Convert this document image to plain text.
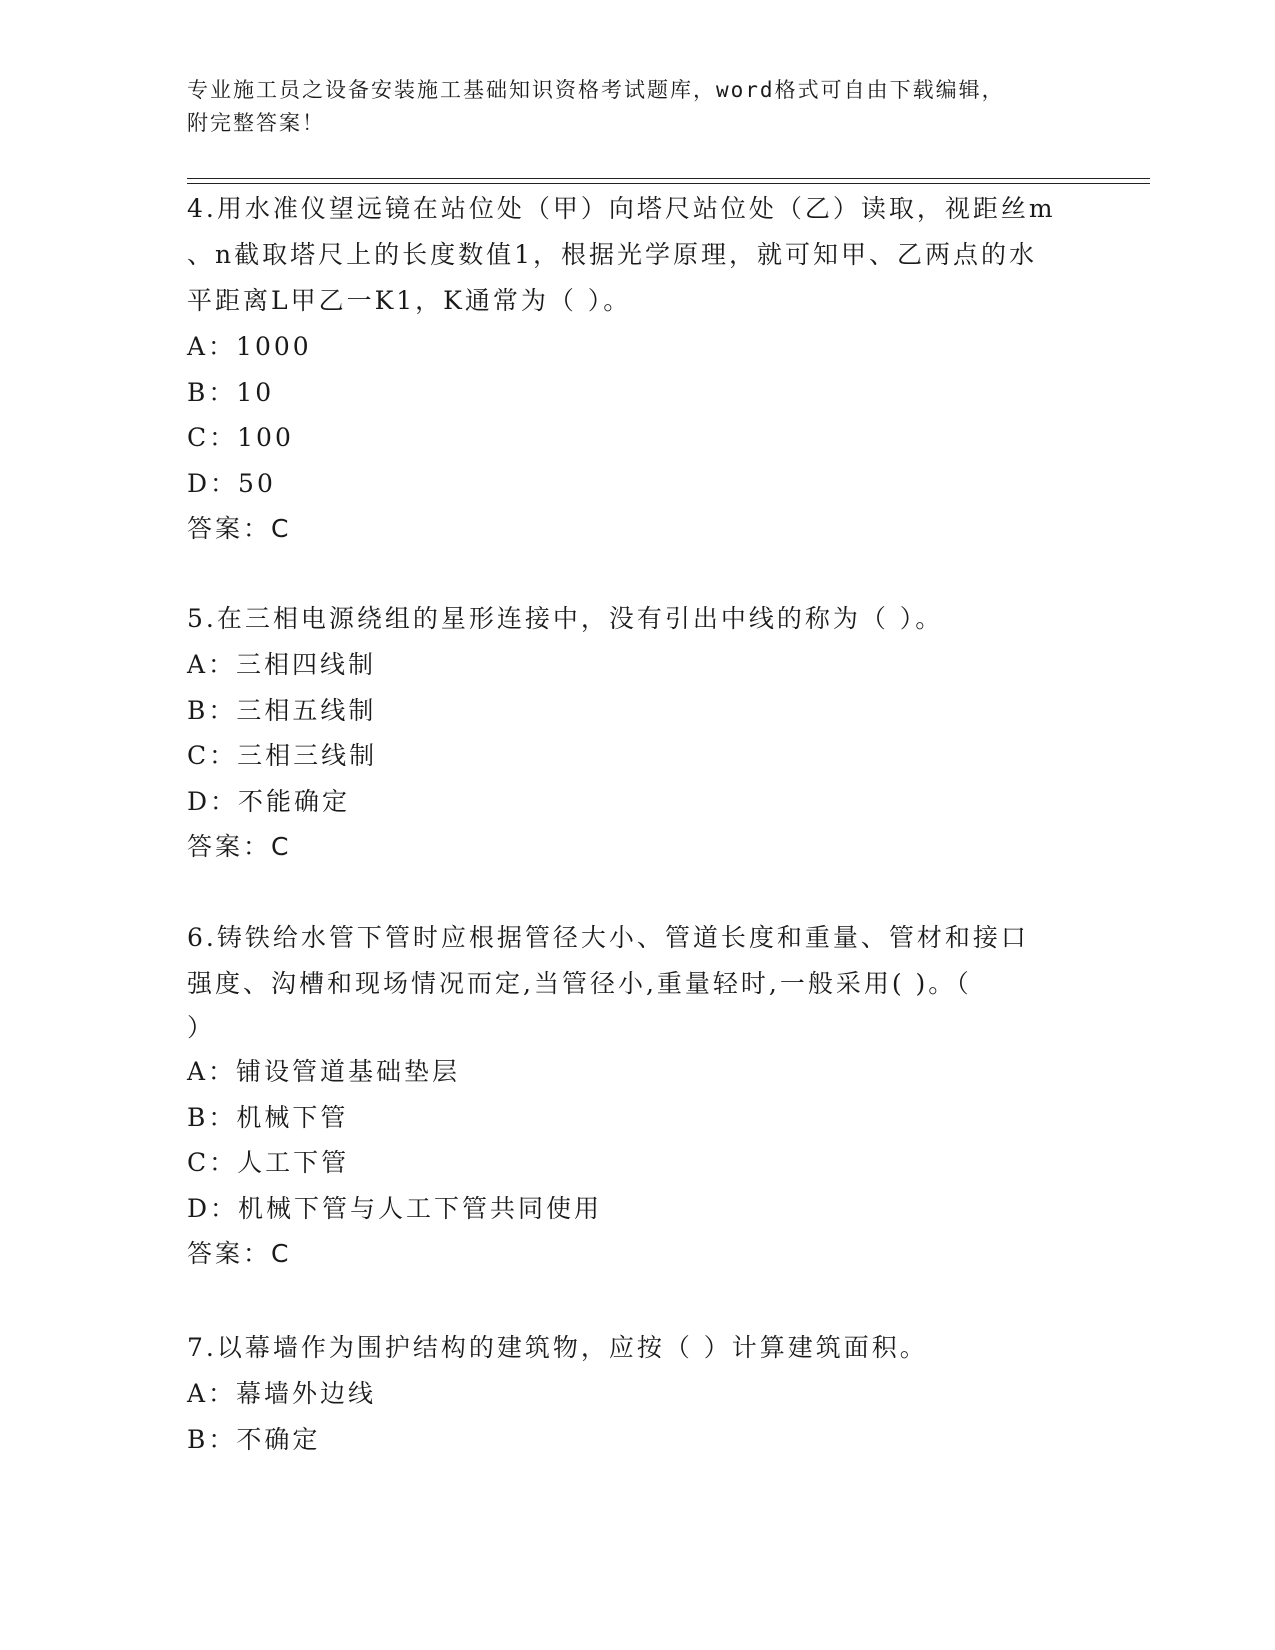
专业施工员之设备安装施工基础知识资格考试题库，word格式可自由下载编辑，
附完整答案！
4.用水准仪望远镜在站位处（甲）向塔尺站位处（乙）读取，视距丝m
、n截取塔尺上的长度数值1，根据光学原理，就可知甲、乙两点的水
平距离L甲乙一K1，K通常为（ ）。
A：1000
B：10
C：100
D：50
答案：C
5.在三相电源绕组的星形连接中，没有引出中线的称为（ ）。
A：三相四线制
B：三相五线制
C：三相三线制
D：不能确定
答案：C
6.铸铁给水管下管时应根据管径大小、管道长度和重量、管材和接口
强度、沟槽和现场情况而定,当管径小,重量轻时,一般采用( )。（
）
A：铺设管道基础垫层
B：机械下管
C：人工下管
D：机械下管与人工下管共同使用
答案：C
7.以幕墙作为围护结构的建筑物，应按（ ）计算建筑面积。
A：幕墙外边线
B：不确定
